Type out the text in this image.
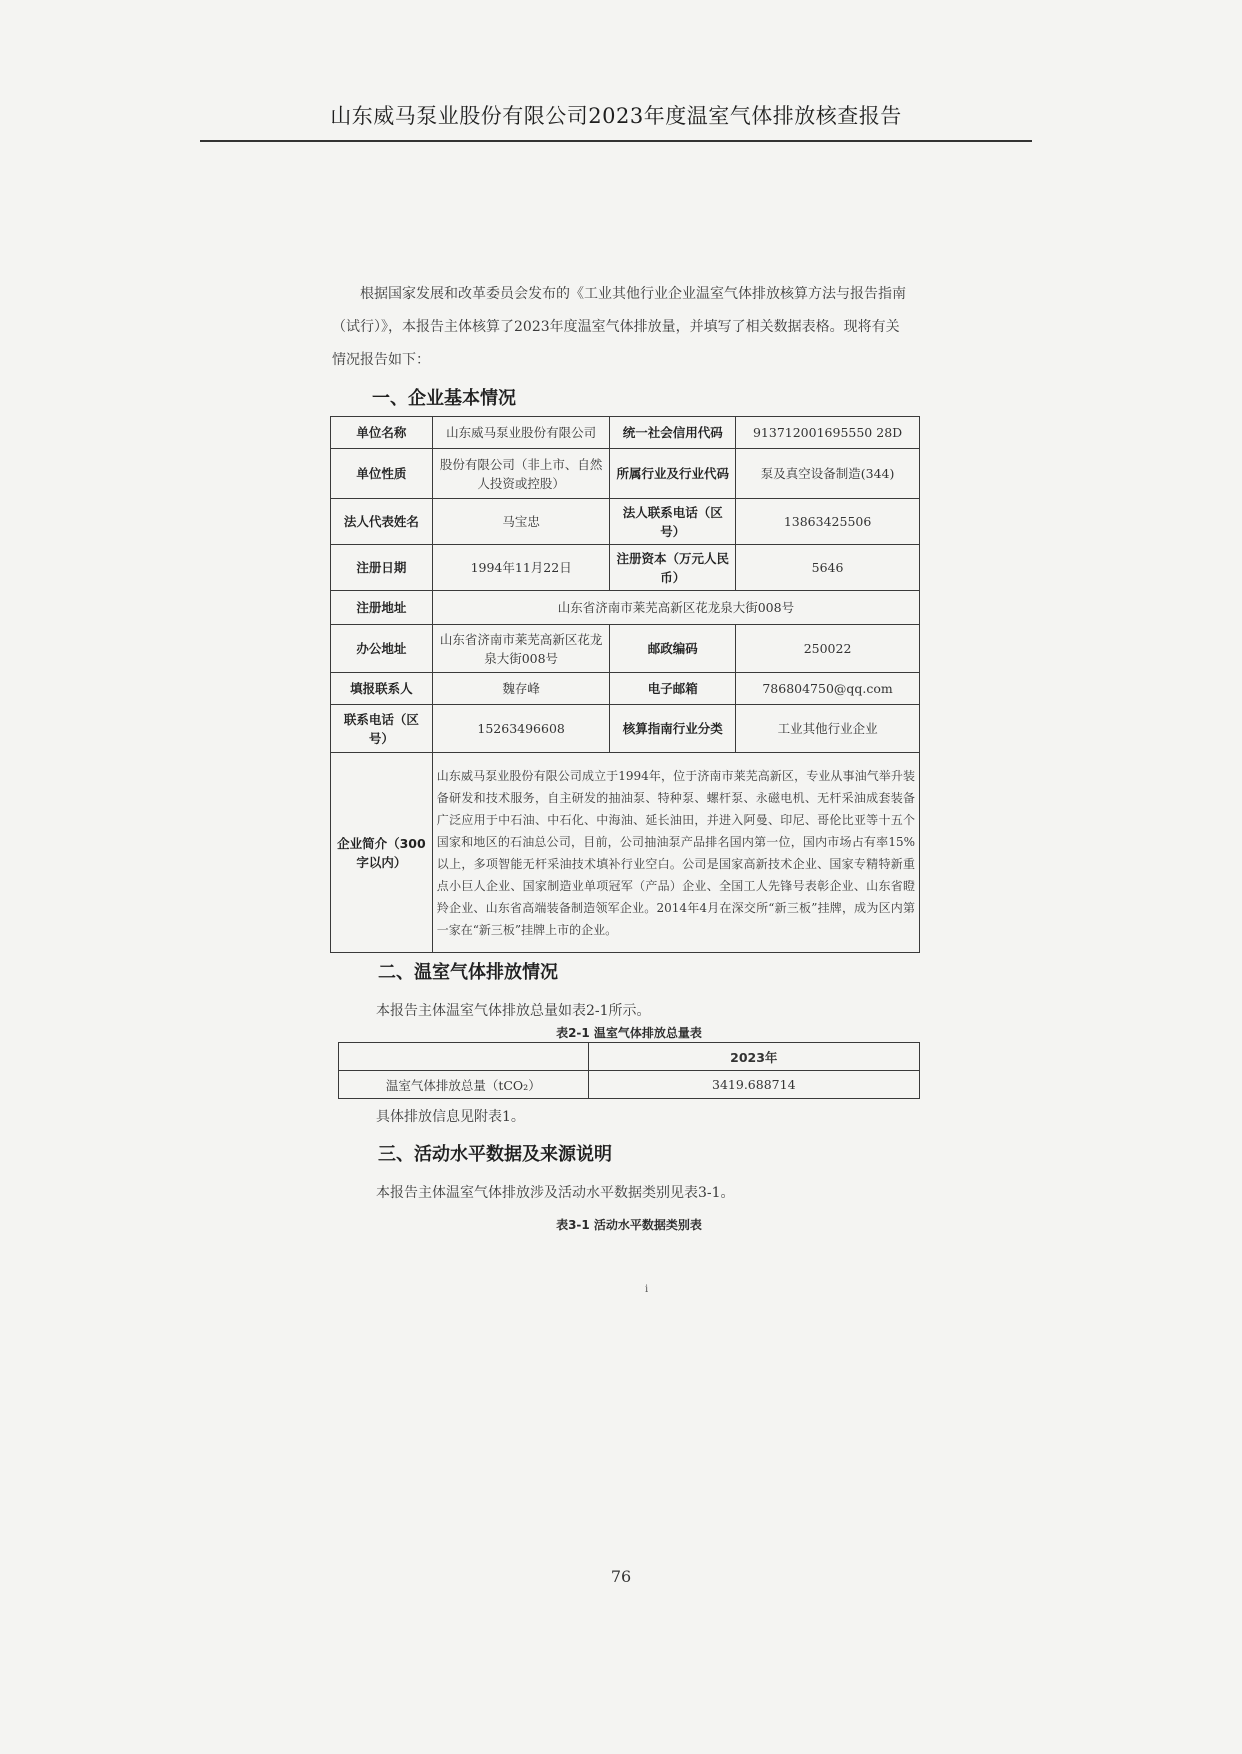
山东威马泵业股份有限公司2023年度温室气体排放核查报告
根据国家发展和改革委员会发布的《工业其他行业企业温室气体排放核算方法与报告指南（试行）》，本报告主体核算了2023年度温室气体排放量，并填写了相关数据表格。现将有关情况报告如下：
一、企业基本情况
单位名称	山东威马泵业股份有限公司	统一社会信用代码	913712001695550 28D
单位性质	股份有限公司（非上市、自然人投资或控股）	所属行业及行业代码	泵及真空设备制造(344)
法人代表姓名	马宝忠	法人联系电话（区号）	13863425506
注册日期	1994年11月22日	注册资本（万元人民币）	5646
注册地址	山东省济南市莱芜高新区花龙泉大街008号		
办公地址	山东省济南市莱芜高新区花龙泉大街008号	邮政编码	250022
填报联系人	魏存峰	电子邮箱	786804750@qq.com
联系电话（区号）	15263496608	核算指南行业分类	工业其他行业企业
企业简介（300字以内）	山东威马泵业股份有限公司成立于1994年，位于济南市莱芜高新区，专业从事油气举升装备研发和技术服务，自主研发的抽油泵、特种泵、螺杆泵、永磁电机、无杆采油成套装备广泛应用于中石油、中石化、中海油、延长油田，并进入阿曼、印尼、哥伦比亚等十五个国家和地区的石油总公司，目前，公司抽油泵产品排名国内第一位，国内市场占有率15%以上，多项智能无杆采油技术填补行业空白。公司是国家高新技术企业、国家专精特新重点小巨人企业、国家制造业单项冠军（产品）企业、全国工人先锋号表彰企业、山东省瞪羚企业、山东省高端装备制造领军企业。2014年4月在深交所“新三板”挂牌，成为区内第一家在“新三板”挂牌上市的企业。		
二、温室气体排放情况
本报告主体温室气体排放总量如表2-1所示。
表2-1 温室气体排放总量表
	2023年
温室气体排放总量（tCO₂）	3419.688714
具体排放信息见附表1。
三、活动水平数据及来源说明
本报告主体温室气体排放涉及活动水平数据类别见表3-1。
表3-1 活动水平数据类别表
i
76
